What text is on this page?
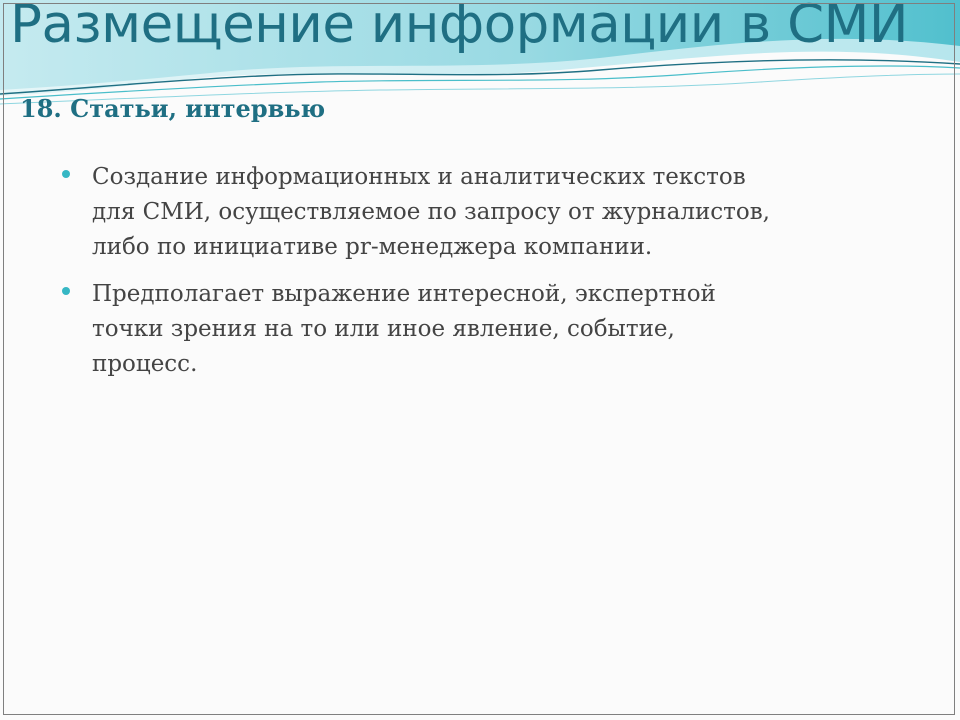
Размещение информации в СМИ
18. Статьи, интервью
Создание информационных и аналитических текстов для СМИ, осуществляемое по запросу от журналистов, либо по инициативе pr-менеджера компании.
Предполагает выражение интересной, экспертной точки зрения на то или иное явление, событие, процесс.
